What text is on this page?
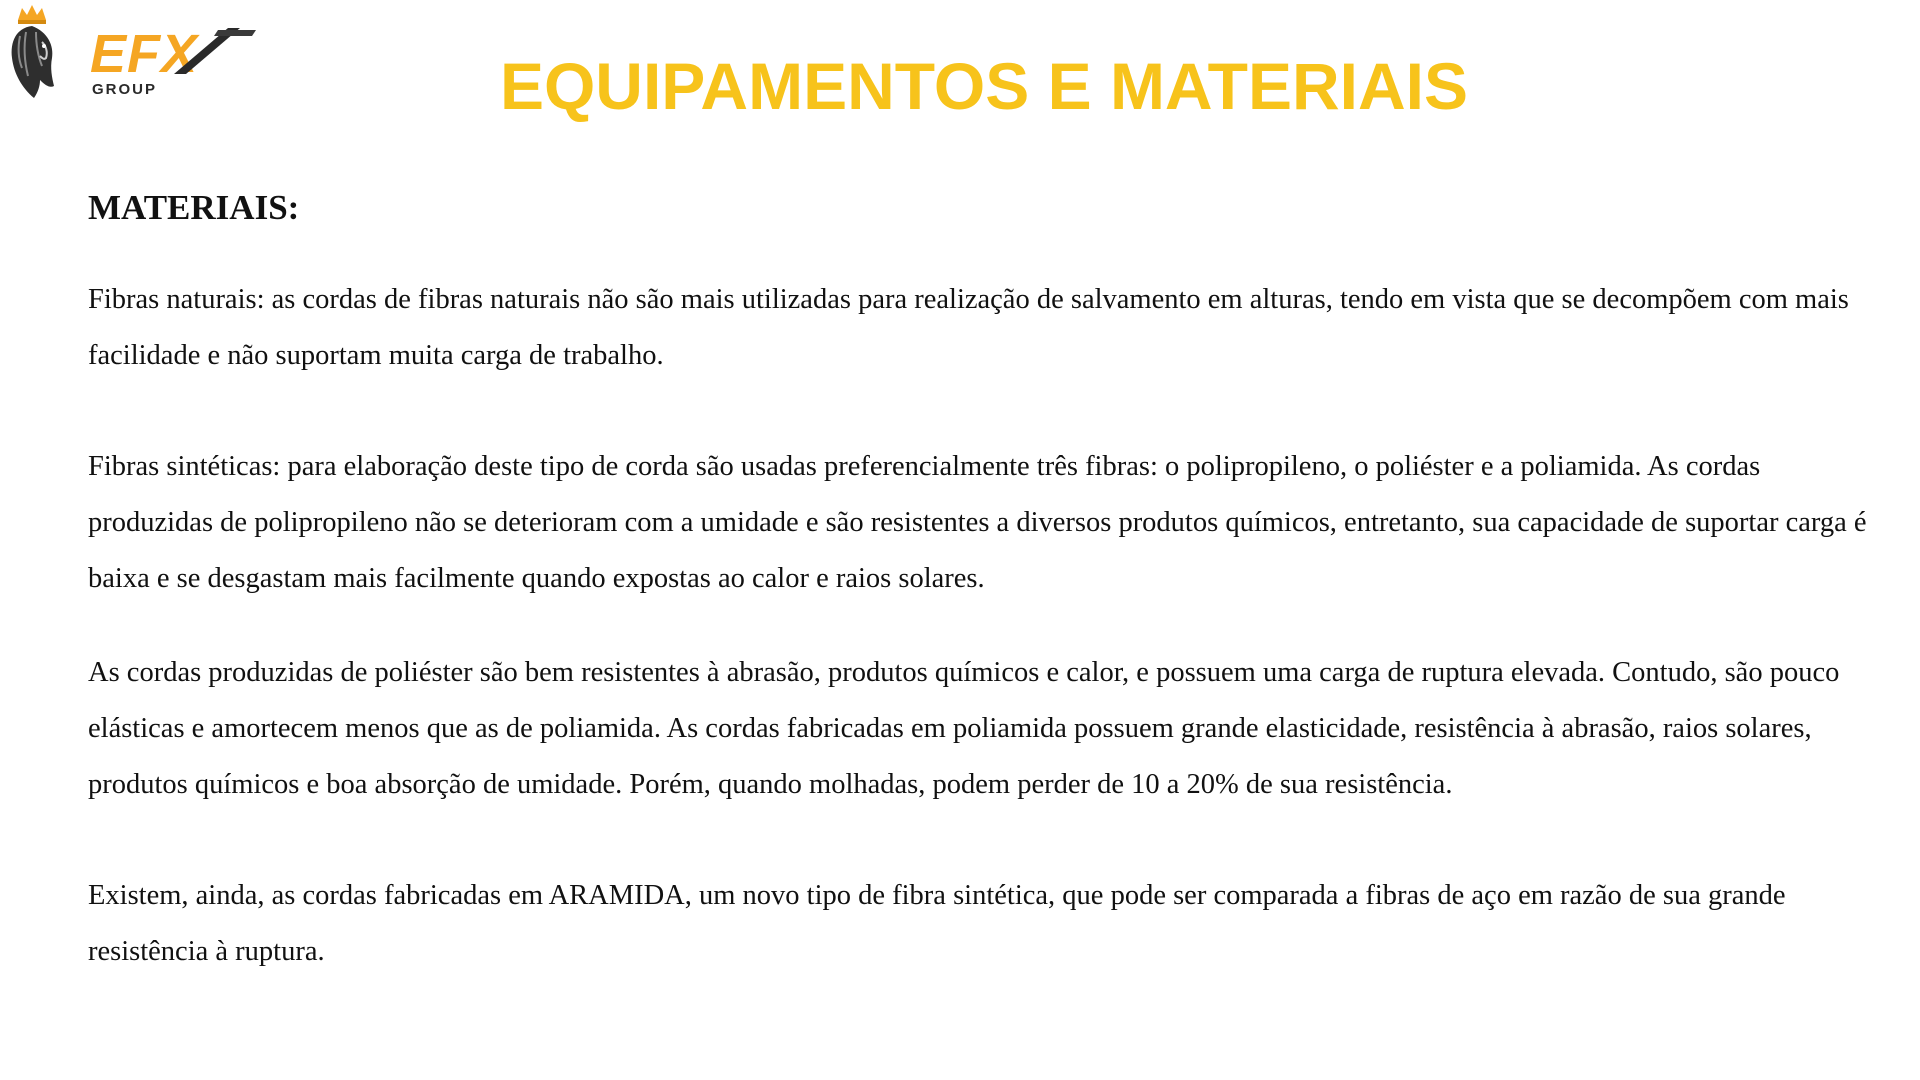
EFX
GROUP	EQUIPAMENTOS E MATERIAIS
MATERIAIS:

Fibras naturais: as cordas de fibras naturais não são mais utilizadas para realização de salvamento em alturas, tendo em vista que se decompõem com mais facilidade e não suportam muita carga de trabalho.

Fibras sintéticas: para elaboração deste tipo de corda são usadas preferencialmente três fibras: o polipropileno, o poliéster e a poliamida. As cordas produzidas de polipropileno não se deterioram com a umidade e são resistentes a diversos produtos químicos, entretanto, sua capacidade de suportar carga é baixa e se desgastam mais facilmente quando expostas ao calor e raios solares.

As cordas produzidas de poliéster são bem resistentes à abrasão, produtos químicos e calor, e possuem uma carga de ruptura elevada. Contudo, são pouco elásticas e amortecem menos que as de poliamida. As cordas fabricadas em poliamida possuem grande elasticidade, resistência à abrasão, raios solares, produtos químicos e boa absorção de umidade. Porém, quando molhadas, podem perder de 10 a 20% de sua resistência.

Existem, ainda, as cordas fabricadas em ARAMIDA, um novo tipo de fibra sintética, que pode ser comparada a fibras de aço em razão de sua grande resistência à ruptura.
